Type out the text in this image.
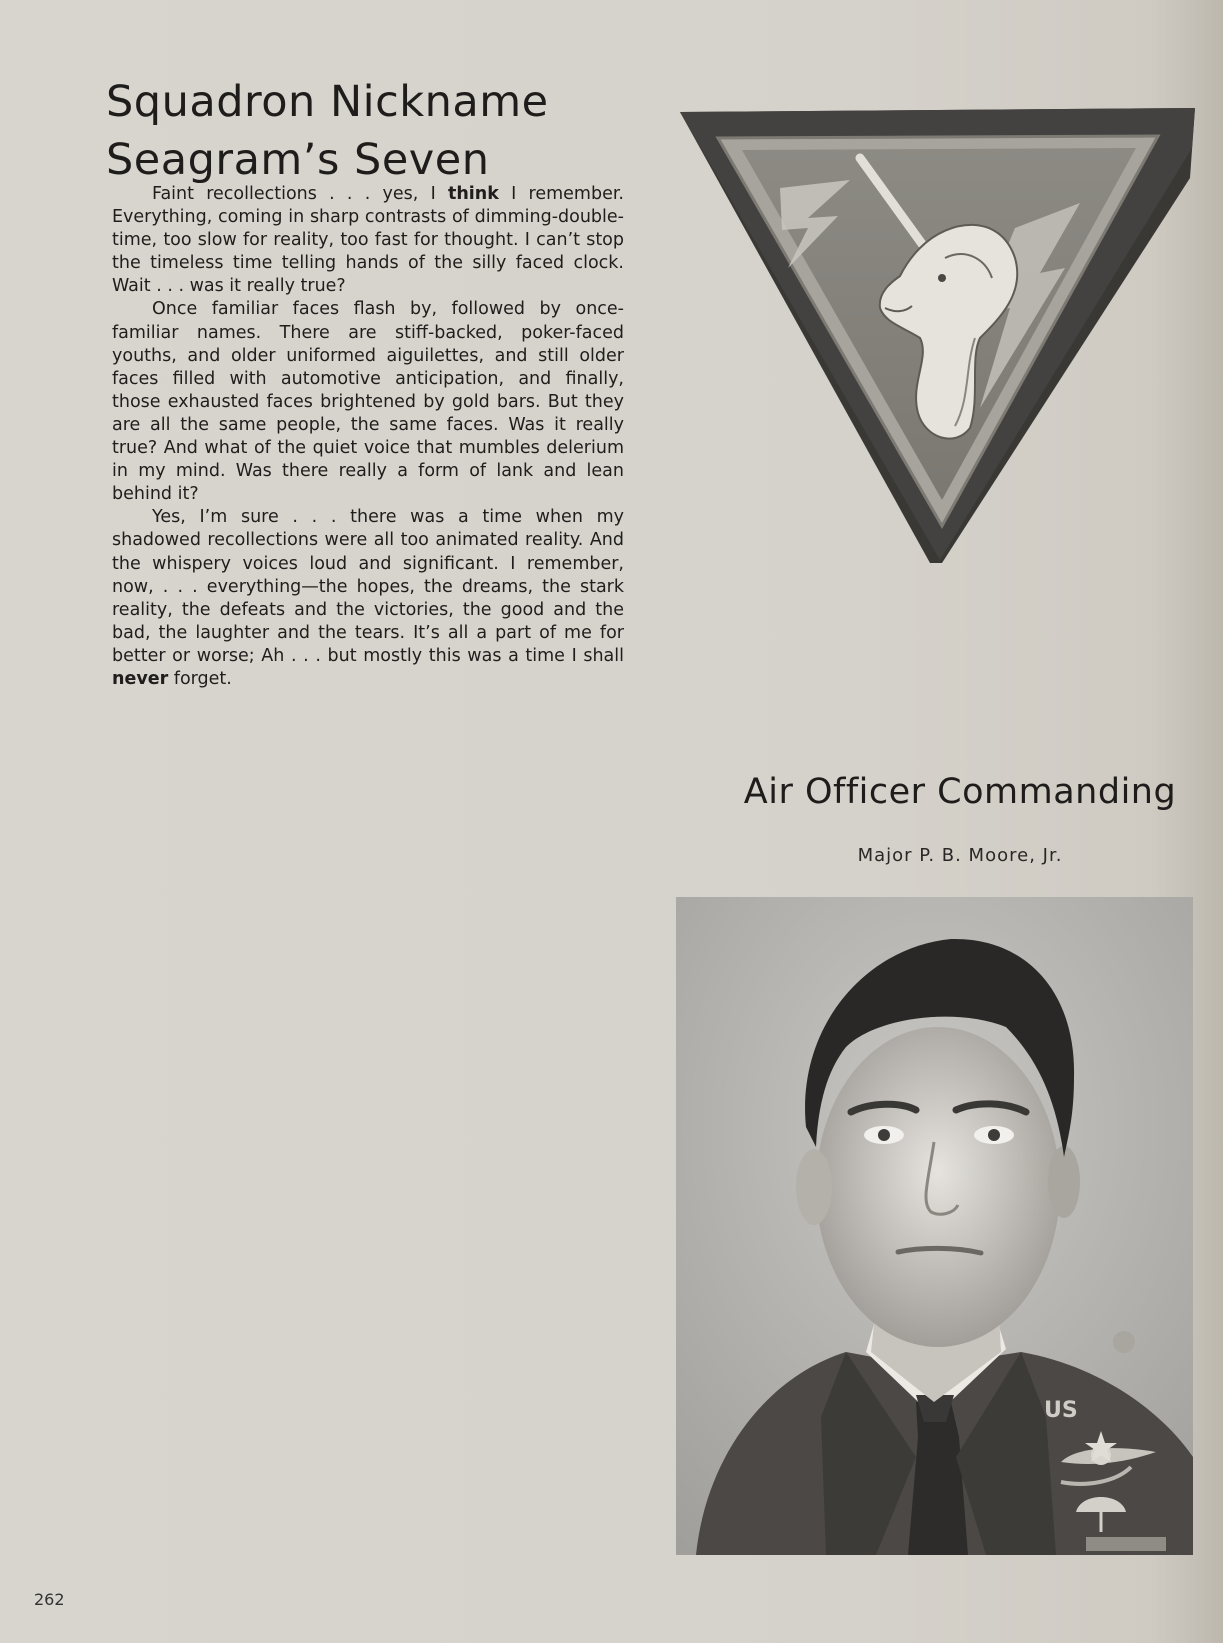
Squadron Nickname
Seagram’s Seven

Faint recollections . . . yes, I think I remember. Everything, coming in sharp contrasts of dimming-double-time, too slow for reality, too fast for thought. I can’t stop the timeless time telling hands of the silly faced clock. Wait . . . was it really true?

Once familiar faces flash by, followed by once-familiar names. There are stiff-backed, poker-faced youths, and older uniformed aiguilettes, and still older faces filled with automotive anticipation, and finally, those exhausted faces brightened by gold bars. But they are all the same people, the same faces. Was it really true? And what of the quiet voice that mumbles delerium in my mind. Was there really a form of lank and lean behind it?

Yes, I’m sure . . . there was a time when my shadowed recollections were all too animated reality. And the whispery voices loud and significant. I remember, now, . . . everything—the hopes, the dreams, the stark reality, the defeats and the victories, the good and the bad, the laughter and the tears. It’s all a part of me for better or worse; Ah . . . but mostly this was a time I shall never forget.

Air Officer Commanding
Major P. B. Moore, Jr.
US
262
